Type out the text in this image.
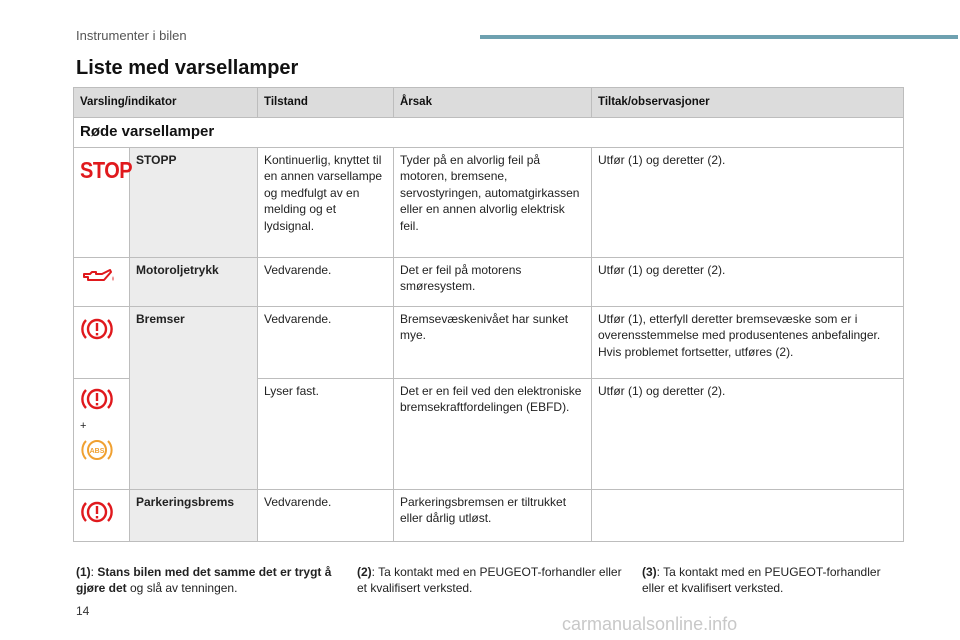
Instrumenter i bilen
Liste med varsellamper
Varsling/indikator		Tilstand	Årsak	Tiltak/observasjoner
Røde varsellamper				
STOP	STOPP	Kontinuerlig, knyttet til en annen varsellampe og medfulgt av en melding og et lydsignal.	Tyder på en alvorlig feil på motoren, bremsene, servostyringen, automatgirkassen eller en annen alvorlig elektrisk feil.	Utfør (1) og deretter (2).
	Motoroljetrykk	Vedvarende.	Det er feil på motorens smøresystem.	Utfør (1) og deretter (2).
	Bremser	Vedvarende.	Bremsevæskenivået har sunket mye.	Utfør (1), etterfyll deretter bremsevæske som er i overensstemmelse med produsentenes anbefalinger. Hvis problemet fortsetter, utføres (2).

+
ABS		Lyser fast.	Det er en feil ved den elektroniske bremsekraftfordelingen (EBFD).	Utfør (1) og deretter (2).
	Parkeringsbrems	Vedvarende.	Parkeringsbremsen er tiltrukket eller dårlig utløst.	
(1): Stans bilen med det samme det er trygt å gjøre det og slå av tenningen.
(2): Ta kontakt med en PEUGEOT-forhandler eller et kvalifisert verksted.
(3): Ta kontakt med en PEUGEOT-forhandler eller et kvalifisert verksted.
14
carmanualsonline.info
